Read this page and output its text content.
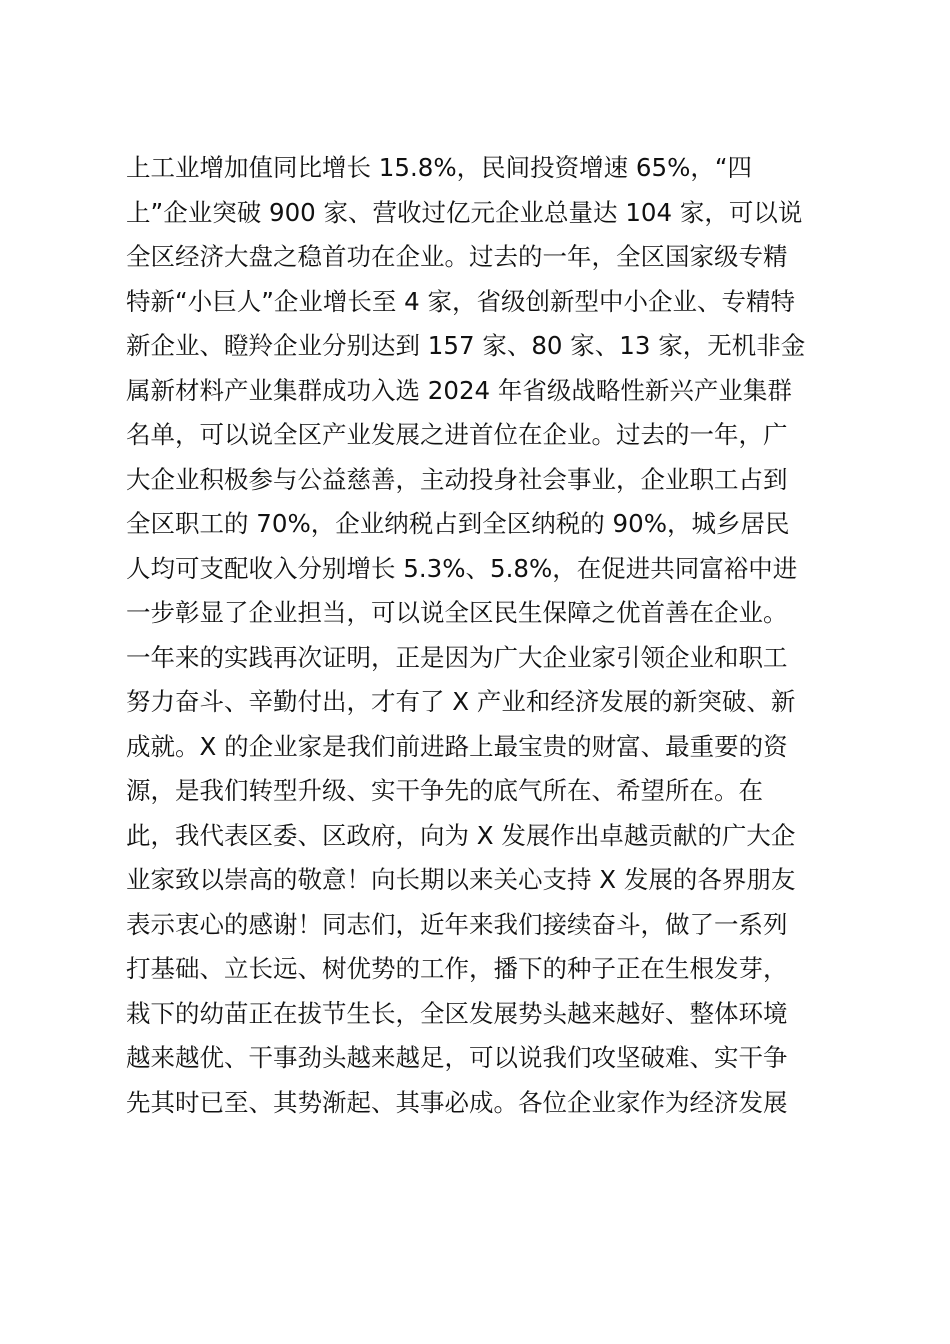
上工业增加值同比增长 15.8%，民间投资增速 65%，“四
上”企业突破 900 家、营收过亿元企业总量达 104 家，可以说
全区经济大盘之稳首功在企业。过去的一年，全区国家级专精
特新“小巨人”企业增长至 4 家，省级创新型中小企业、专精特
新企业、瞪羚企业分别达到 157 家、80 家、13 家，无机非金
属新材料产业集群成功入选 2024 年省级战略性新兴产业集群
名单，可以说全区产业发展之进首位在企业。过去的一年，广
大企业积极参与公益慈善，主动投身社会事业，企业职工占到
全区职工的 70%，企业纳税占到全区纳税的 90%，城乡居民
人均可支配收入分别增长 5.3%、5.8%，在促进共同富裕中进
一步彰显了企业担当，可以说全区民生保障之优首善在企业。
一年来的实践再次证明，正是因为广大企业家引领企业和职工
努力奋斗、辛勤付出，才有了 X 产业和经济发展的新突破、新
成就。X 的企业家是我们前进路上最宝贵的财富、最重要的资
源，是我们转型升级、实干争先的底气所在、希望所在。在
此，我代表区委、区政府，向为 X 发展作出卓越贡献的广大企
业家致以崇高的敬意！向长期以来关心支持 X 发展的各界朋友
表示衷心的感谢！同志们，近年来我们接续奋斗，做了一系列
打基础、立长远、树优势的工作，播下的种子正在生根发芽，
栽下的幼苗正在拔节生长，全区发展势头越来越好、整体环境
越来越优、干事劲头越来越足，可以说我们攻坚破难、实干争
先其时已至、其势渐起、其事必成。各位企业家作为经济发展
